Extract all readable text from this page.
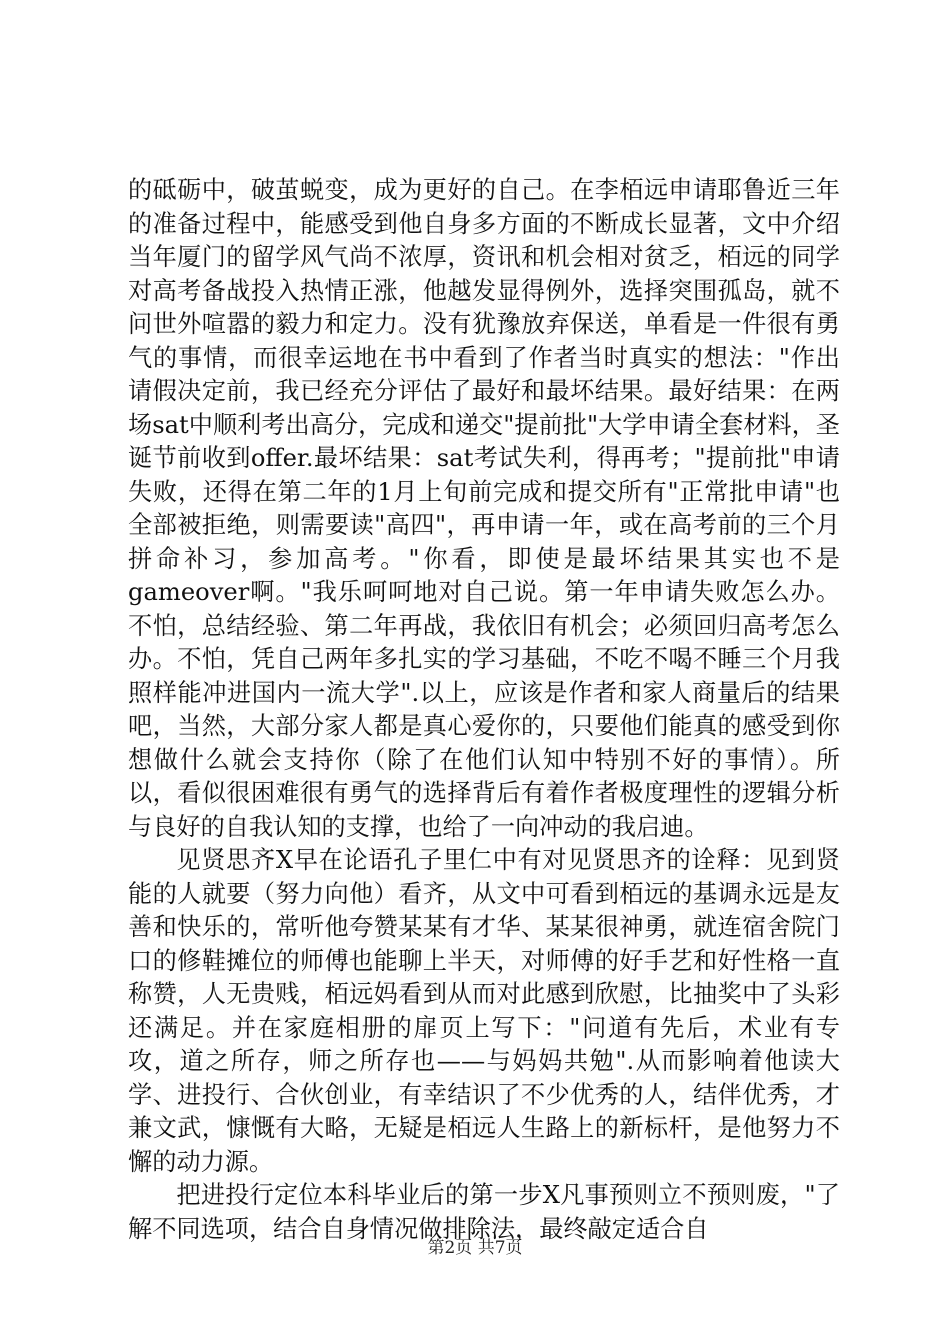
的砥砺中，破茧蜕变，成为更好的自己。在李栢远申请耶鲁近三年的准备过程中，能感受到他自身多方面的不断成长显著，文中介绍当年厦门的留学风气尚不浓厚，资讯和机会相对贫乏，栢远的同学对高考备战投入热情正涨，他越发显得例外，选择突围孤岛，就不问世外喧嚣的毅力和定力。没有犹豫放弃保送，单看是一件很有勇气的事情，而很幸运地在书中看到了作者当时真实的想法："作出请假决定前，我已经充分评估了最好和最坏结果。最好结果：在两场sat中顺利考出高分，完成和递交"提前批"大学申请全套材料，圣诞节前收到offer.最坏结果：sat考试失利，得再考；"提前批"申请失败，还得在第二年的1月上旬前完成和提交所有"正常批申请"也全部被拒绝，则需要读"高四"，再申请一年，或在高考前的三个月拼命补习，参加高考。"你看，即使是最坏结果其实也不是gameover啊。"我乐呵呵地对自己说。第一年申请失败怎么办。不怕，总结经验、第二年再战，我依旧有机会；必须回归高考怎么办。不怕，凭自己两年多扎实的学习基础，不吃不喝不睡三个月我照样能冲进国内一流大学".以上，应该是作者和家人商量后的结果吧，当然，大部分家人都是真心爱你的，只要他们能真的感受到你想做什么就会支持你（除了在他们认知中特别不好的事情）。所以，看似很困难很有勇气的选择背后有着作者极度理性的逻辑分析与良好的自我认知的支撑，也给了一向冲动的我启迪。

见贤思齐X早在论语孔子里仁中有对见贤思齐的诠释：见到贤能的人就要（努力向他）看齐，从文中可看到栢远的基调永远是友善和快乐的，常听他夸赞某某有才华、某某很神勇，就连宿舍院门口的修鞋摊位的师傅也能聊上半天，对师傅的好手艺和好性格一直称赞，人无贵贱，栢远妈看到从而对此感到欣慰，比抽奖中了头彩还满足。并在家庭相册的扉页上写下："问道有先后，术业有专攻，道之所存，师之所存也——与妈妈共勉".从而影响着他读大学、进投行、合伙创业，有幸结识了不少优秀的人，结伴优秀，才兼文武，慷慨有大略，无疑是栢远人生路上的新标杆，是他努力不懈的动力源。

把进投行定位本科毕业后的第一步X凡事预则立不预则废，"了解不同选项，结合自身情况做排除法，最终敲定适合自

第2页 共7页
